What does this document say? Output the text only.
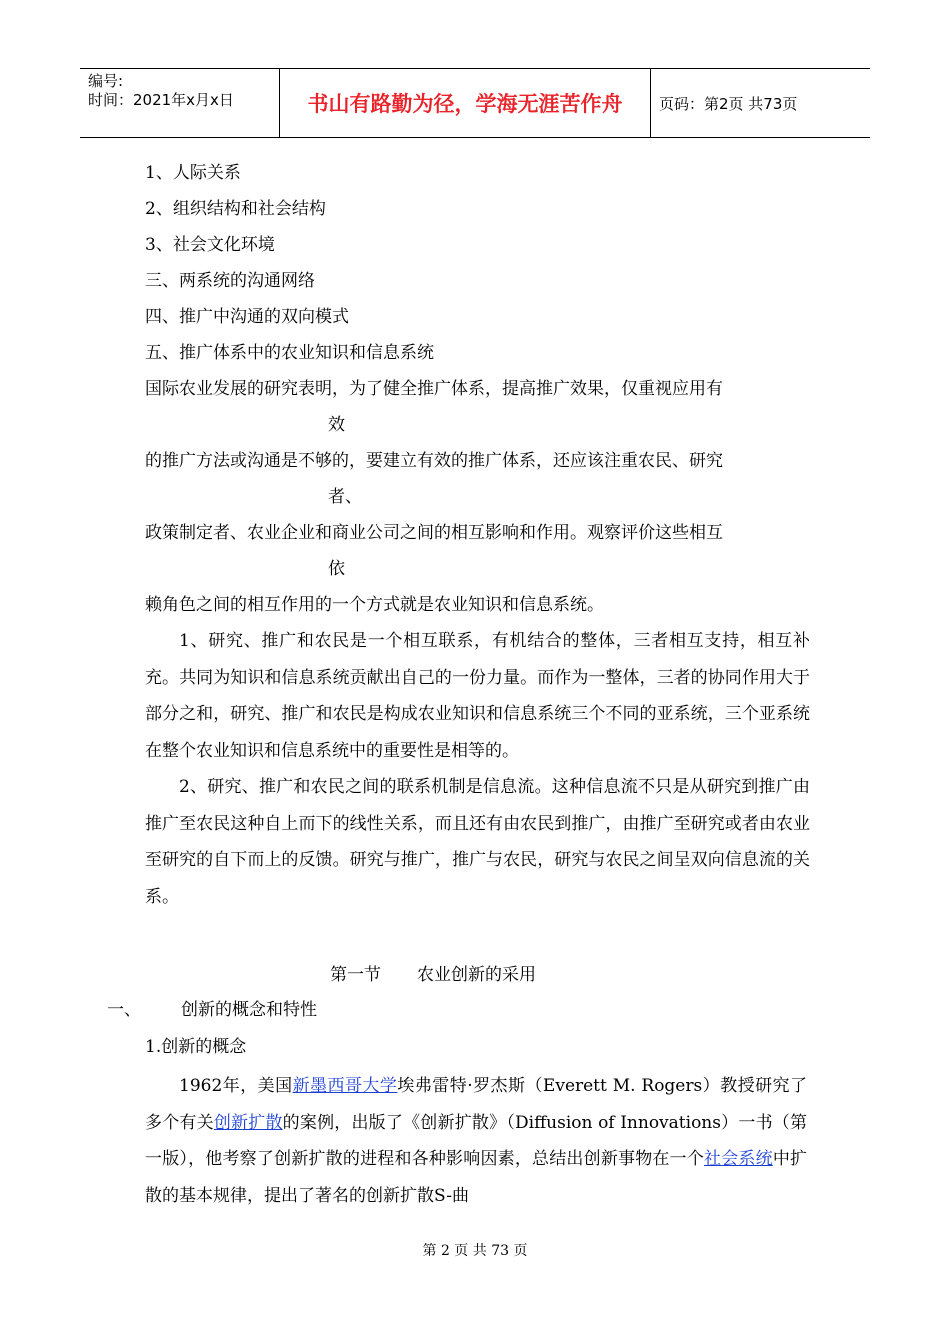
编号:
时间：2021年x月x日	书山有路勤为径，学海无涯苦作舟	页码：第2页 共73页
1、人际关系
2、组织结构和社会结构
3、社会文化环境
三、两系统的沟通网络
四、推广中沟通的双向模式
五、推广体系中的农业知识和信息系统
国际农业发展的研究表明，为了健全推广体系，提高推广效果，仅重视应用有
效
的推广方法或沟通是不够的，要建立有效的推广体系，还应该注重农民、研究
者、
政策制定者、农业企业和商业公司之间的相互影响和作用。观察评价这些相互
依
赖角色之间的相互作用的一个方式就是农业知识和信息系统。

1、研究、推广和农民是一个相互联系，有机结合的整体，三者相互支持，相互补充。共同为知识和信息系统贡献出自己的一份力量。而作为一整体，三者的协同作用大于部分之和，研究、推广和农民是构成农业知识和信息系统三个不同的亚系统，三个亚系统在整个农业知识和信息系统中的重要性是相等的。

2、研究、推广和农民之间的联系机制是信息流。这种信息流不只是从研究到推广由推广至农民这种自上而下的线性关系，而且还有由农民到推广，由推广至研究或者由农业至研究的自下而上的反馈。研究与推广，推广与农民，研究与农民之间呈双向信息流的关系。

第一节 农业创新的采用
一、 创新的概念和特性
1.创新的概念

1962年，美国新墨西哥大学埃弗雷特·罗杰斯（Everett M. Rogers）教授研究了多个有关创新扩散的案例，出版了《创新扩散》（Diffusion of Innovations）一书（第一版），他考察了创新扩散的进程和各种影响因素，总结出创新事物在一个社会系统中扩散的基本规律，提出了著名的创新扩散S-曲

第 2 页 共 73 页
